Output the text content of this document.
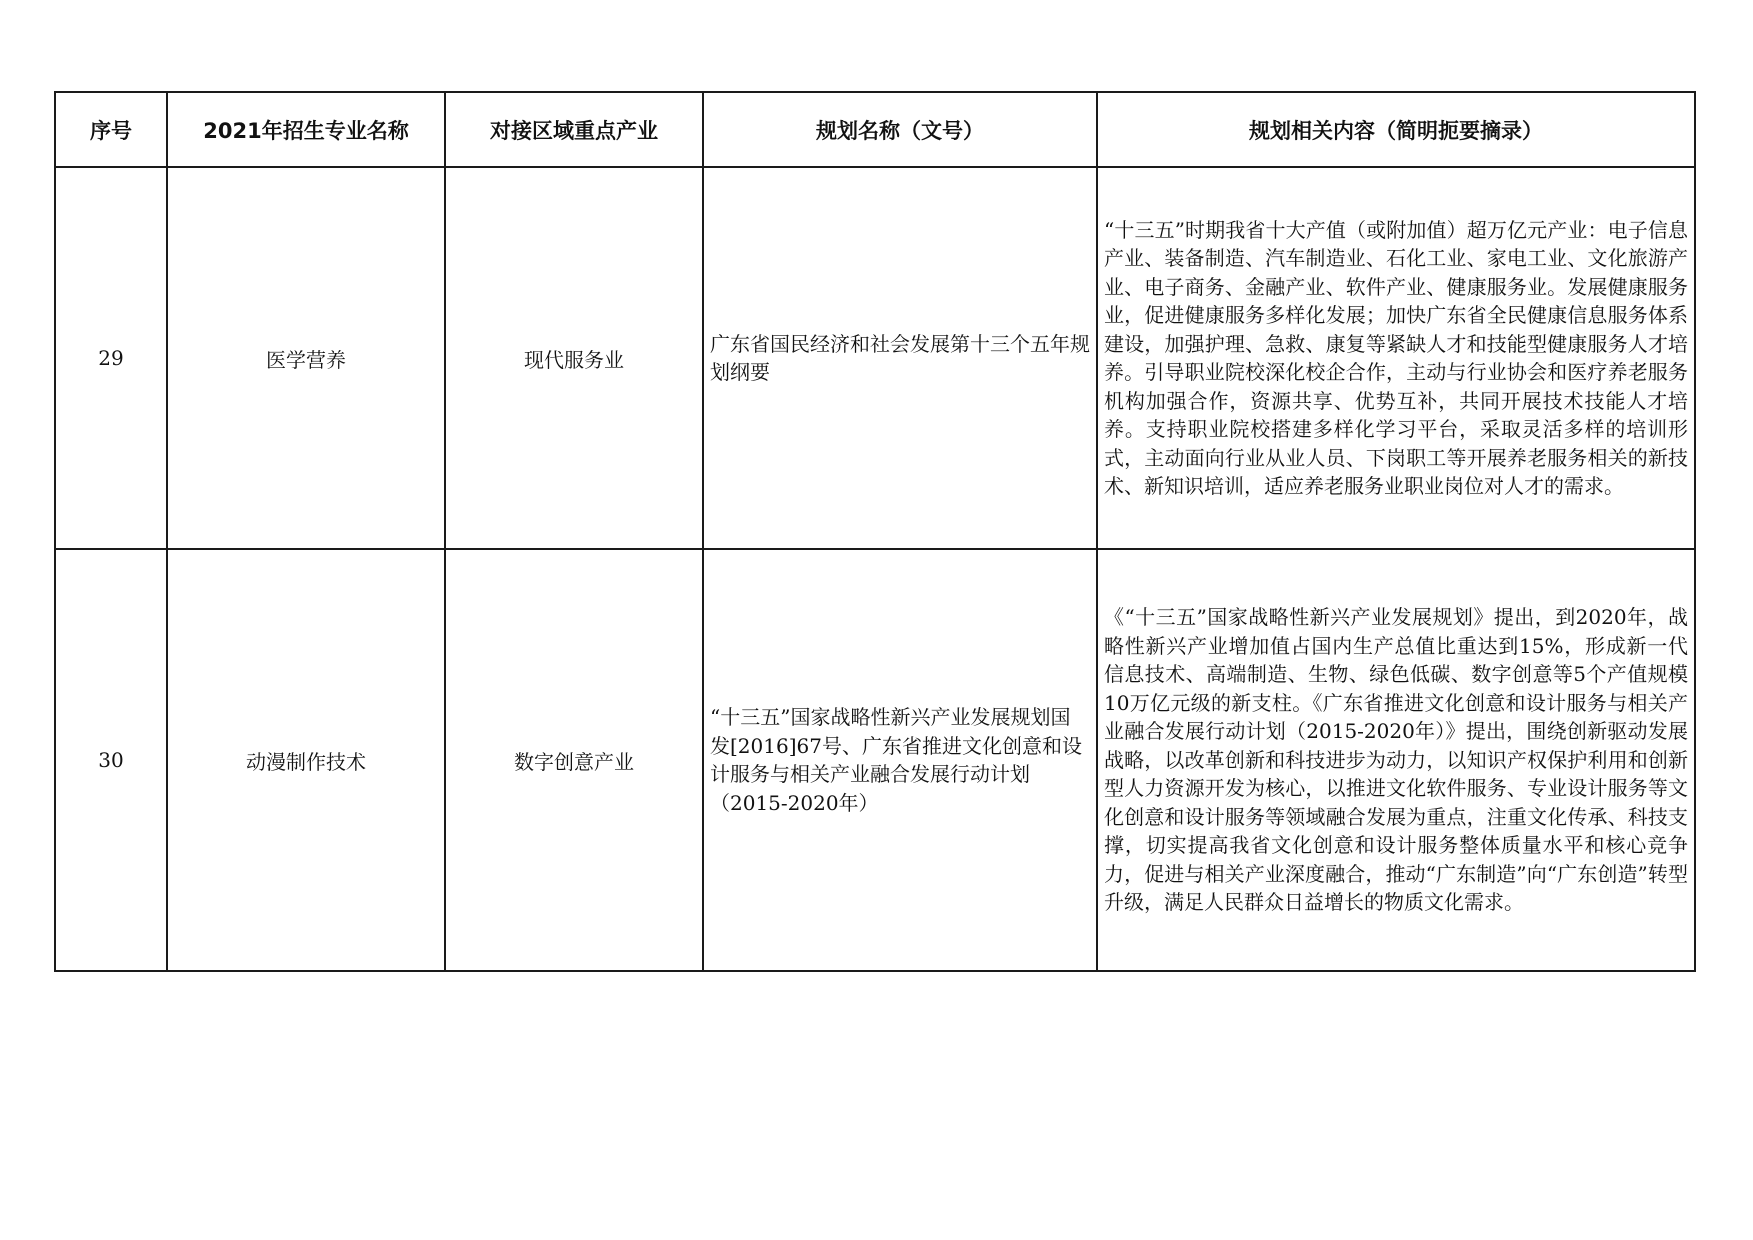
序号	2021年招生专业名称	对接区域重点产业	规划名称（文号）	规划相关内容（简明扼要摘录）
29	医学营养	现代服务业	广东省国民经济和社会发展第十三个五年规划纲要	“十三五”时期我省十大产值（或附加值）超万亿元产业：电子信息产业、装备制造、汽车制造业、石化工业、家电工业、文化旅游产业、电子商务、金融产业、软件产业、健康服务业。发展健康服务业，促进健康服务多样化发展；加快广东省全民健康信息服务体系建设，加强护理、急救、康复等紧缺人才和技能型健康服务人才培养。引导职业院校深化校企合作，主动与行业协会和医疗养老服务机构加强合作，资源共享、优势互补，共同开展技术技能人才培养。支持职业院校搭建多样化学习平台，采取灵活多样的培训形式，主动面向行业从业人员、下岗职工等开展养老服务相关的新技术、新知识培训，适应养老服务业职业岗位对人才的需求。
30	动漫制作技术	数字创意产业	“十三五”国家战略性新兴产业发展规划国发[2016]67号、广东省推进文化创意和设计服务与相关产业融合发展行动计划（2015-2020年）	《“十三五”国家战略性新兴产业发展规划》提出，到2020年，战略性新兴产业增加值占国内生产总值比重达到15%，形成新一代信息技术、高端制造、生物、绿色低碳、数字创意等5个产值规模10万亿元级的新支柱。《广东省推进文化创意和设计服务与相关产业融合发展行动计划（2015-2020年）》提出，围绕创新驱动发展战略，以改革创新和科技进步为动力，以知识产权保护利用和创新型人力资源开发为核心，以推进文化软件服务、专业设计服务等文化创意和设计服务等领域融合发展为重点，注重文化传承、科技支撑，切实提高我省文化创意和设计服务整体质量水平和核心竞争力，促进与相关产业深度融合，推动“广东制造”向“广东创造”转型升级，满足人民群众日益增长的物质文化需求。
